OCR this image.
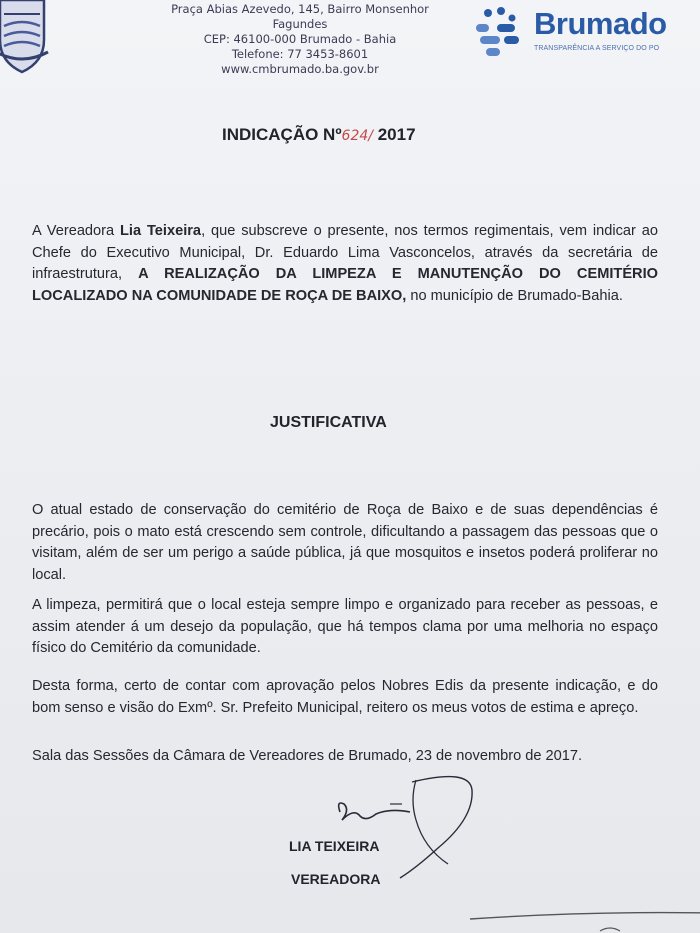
Praça Abias Azevedo, 145, Bairro Monsenhor Fagundes
CEP: 46100-000 Brumado - Bahia
Telefone: 77 3453-8601
www.cmbrumado.ba.gov.br
Brumado
TRANSPARÊNCIA A SERVIÇO DO PO
INDICAÇÃO Nº624/ 2017
A Vereadora Lia Teixeira, que subscreve o presente, nos termos regimentais, vem indicar ao Chefe do Executivo Municipal, Dr. Eduardo Lima Vasconcelos, através da secretária de infraestrutura, A REALIZAÇÃO DA LIMPEZA E MANUTENÇÃO DO CEMITÉRIO LOCALIZADO NA COMUNIDADE DE ROÇA DE BAIXO, no município de Brumado-Bahia.
JUSTIFICATIVA
O atual estado de conservação do cemitério de Roça de Baixo e de suas dependências é precário, pois o mato está crescendo sem controle, dificultando a passagem das pessoas que o visitam, além de ser um perigo a saúde pública, já que mosquitos e insetos poderá proliferar no local.
A limpeza, permitirá que o local esteja sempre limpo e organizado para receber as pessoas, e assim atender á um desejo da população, que há tempos clama por uma melhoria no espaço físico do Cemitério da comunidade.
Desta forma, certo de contar com aprovação pelos Nobres Edis da presente indicação, e do bom senso e visão do Exmº. Sr. Prefeito Municipal, reitero os meus votos de estima e apreço.
Sala das Sessões da Câmara de Vereadores de Brumado, 23 de novembro de 2017.
LIA TEIXEIRA
VEREADORA
